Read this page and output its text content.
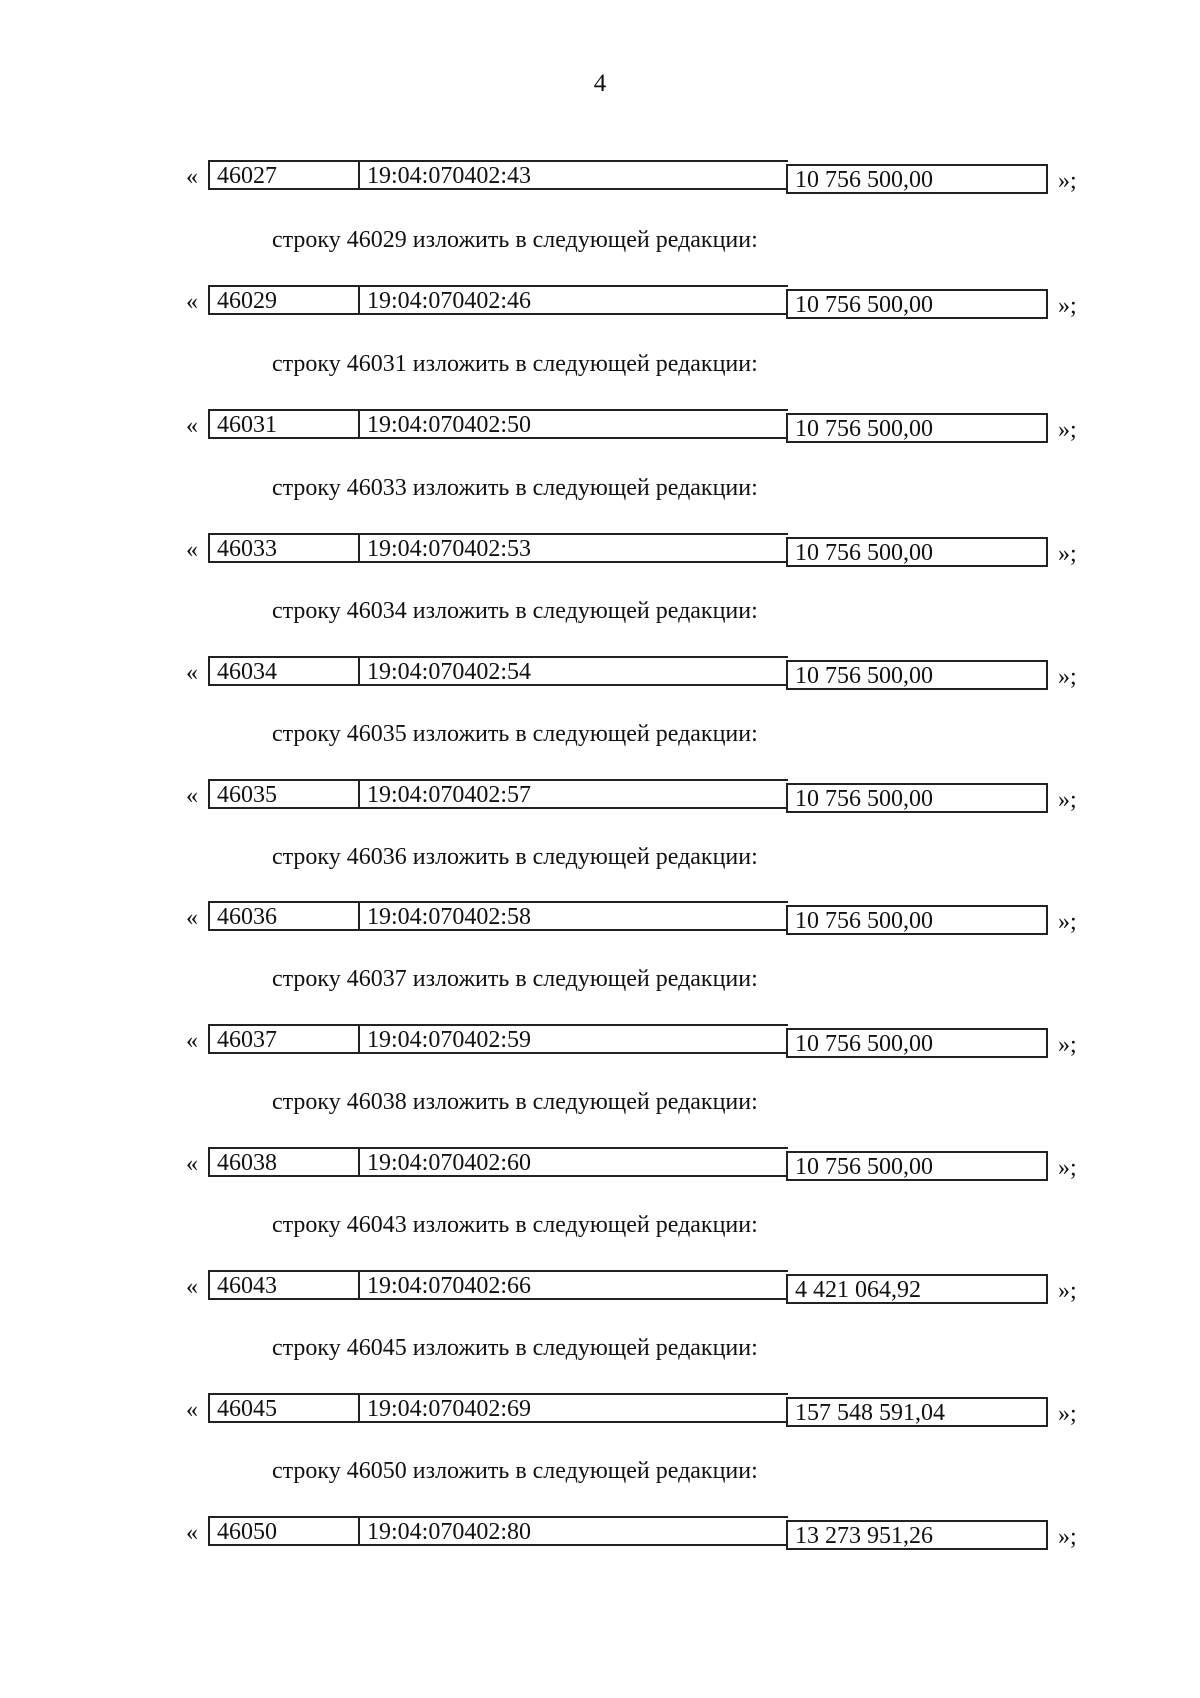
4
« 46027	19:04:070402:43	10 756 500,00	»;
строку 46029 изложить в следующей редакции:
« 46029	19:04:070402:46	10 756 500,00	»;
строку 46031 изложить в следующей редакции:
« 46031	19:04:070402:50	10 756 500,00	»;
строку 46033 изложить в следующей редакции:
« 46033	19:04:070402:53	10 756 500,00	»;
строку 46034 изложить в следующей редакции:
« 46034	19:04:070402:54	10 756 500,00	»;
строку 46035 изложить в следующей редакции:
« 46035	19:04:070402:57	10 756 500,00	»;
строку 46036 изложить в следующей редакции:
« 46036	19:04:070402:58	10 756 500,00	»;
строку 46037 изложить в следующей редакции:
« 46037	19:04:070402:59	10 756 500,00	»;
строку 46038 изложить в следующей редакции:
« 46038	19:04:070402:60	10 756 500,00	»;
строку 46043 изложить в следующей редакции:
« 46043	19:04:070402:66	4 421 064,92	»;
строку 46045 изложить в следующей редакции:
« 46045	19:04:070402:69	157 548 591,04	»;
строку 46050 изложить в следующей редакции:
« 46050	19:04:070402:80	13 273 951,26	»;
